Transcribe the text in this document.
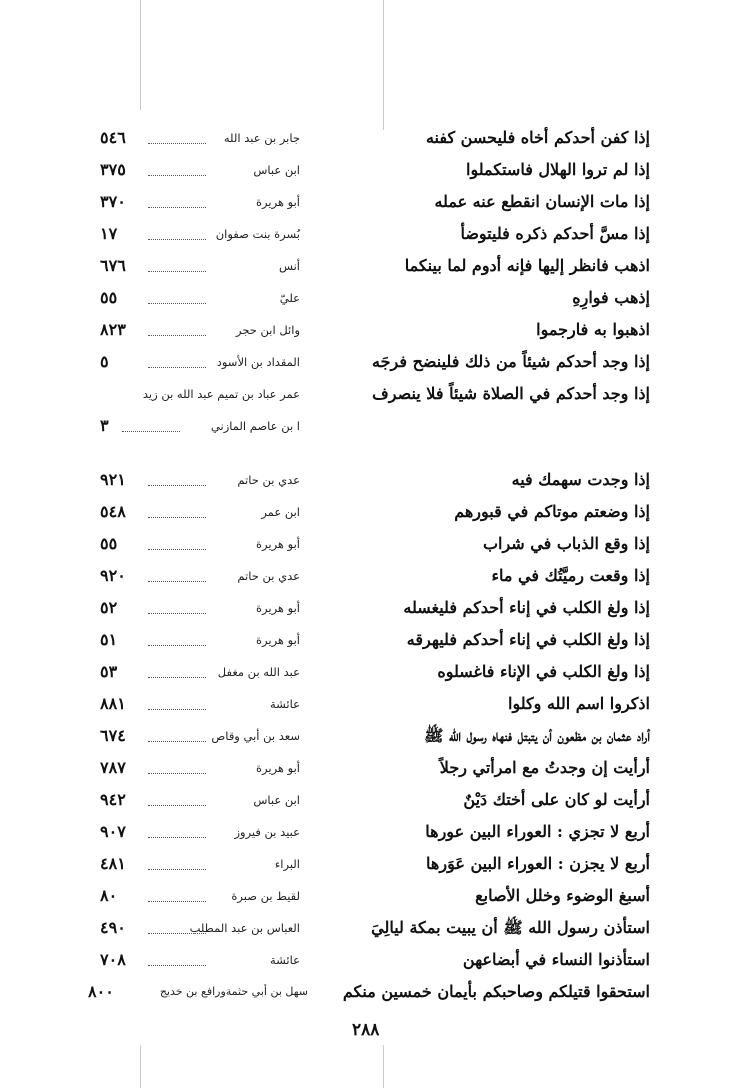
إذا كفن أحدكم أخاه فليحسن كفنه
جابر بن عبد الله
٥٤٦
إذا لم تروا الهلال فاستكملوا
ابن عباس
٣٧٥
إذا مات الإنسان انقطع عنه عمله
أبو هريرة
٣٧٠
إذا مسَّ أحدكم ذكره فليتوضأ
بُسرة بنت صفوان
١٧
اذهب فانظر إليها فإنه أدوم لما بينكما
أنس
٦٧٦
إذهب فوارِهِ
عليّ
٥٥
اذهبوا به فارجموا
وائل ابن حجر
٨٢٣
إذا وجد أحدكم شيئاً من ذلك فلينضح فرجَه
المقداد بن الأسود
٥
إذا وجد أحدكم في الصلاة شيئاً فلا ينصرف
عمر عباد بن تميم عبد الله بن زيد
ا بن عاصم المازني
٣
إذا وجدت سهمك فيه
عدي بن حاتم
٩٢١
إذا وضعتم موتاكم في قبورهم
ابن عمر
٥٤٨
إذا وقع الذباب في شراب
أبو هريرة
٥٥
إذا وقعت رميَّتُك في ماء
عدي بن حاتم
٩٢٠
إذا ولغ الكلب في إناء أحدكم فليغسله
أبو هريرة
٥٢
إذا ولغ الكلب في إناء أحدكم فليهرقه
أبو هريرة
٥١
إذا ولغ الكلب في الإناء فاغسلوه
عبد الله بن مغفل
٥٣
اذكروا اسم الله وكلوا
عائشة
٨٨١
أراد عثمان بن مظعون أن يتبتل فنهاه رسول الله ﷺ
سعد بن أبي وقاص
٦٧٤
أرأيت إن وجدتُ مع امرأتي رجلاً
أبو هريرة
٧٨٧
أرأيت لو كان على أختك دَيْنٌ
ابن عباس
٩٤٢
أربع لا تجزي : العوراء البين عورها
عبيد بن فيروز
٩٠٧
أربع لا يجزن : العوراء البين عَوَرها
البراء
٤٨١
أسبغ الوضوء وخلل الأصابع
لقيط بن صبرة
٨٠
استأذن رسول الله ﷺ أن يبيت بمكة ليالِيَ
العباس بن عبد المطلب
٤٩٠
استأذنوا النساء في أبضاعهن
عائشة
٧٠٨
استحقوا قتيلكم وصاحبكم بأيمان خمسين منكم
سهل بن أبي حثمةورافع بن خديج
٨٠٠
٢٨٨
